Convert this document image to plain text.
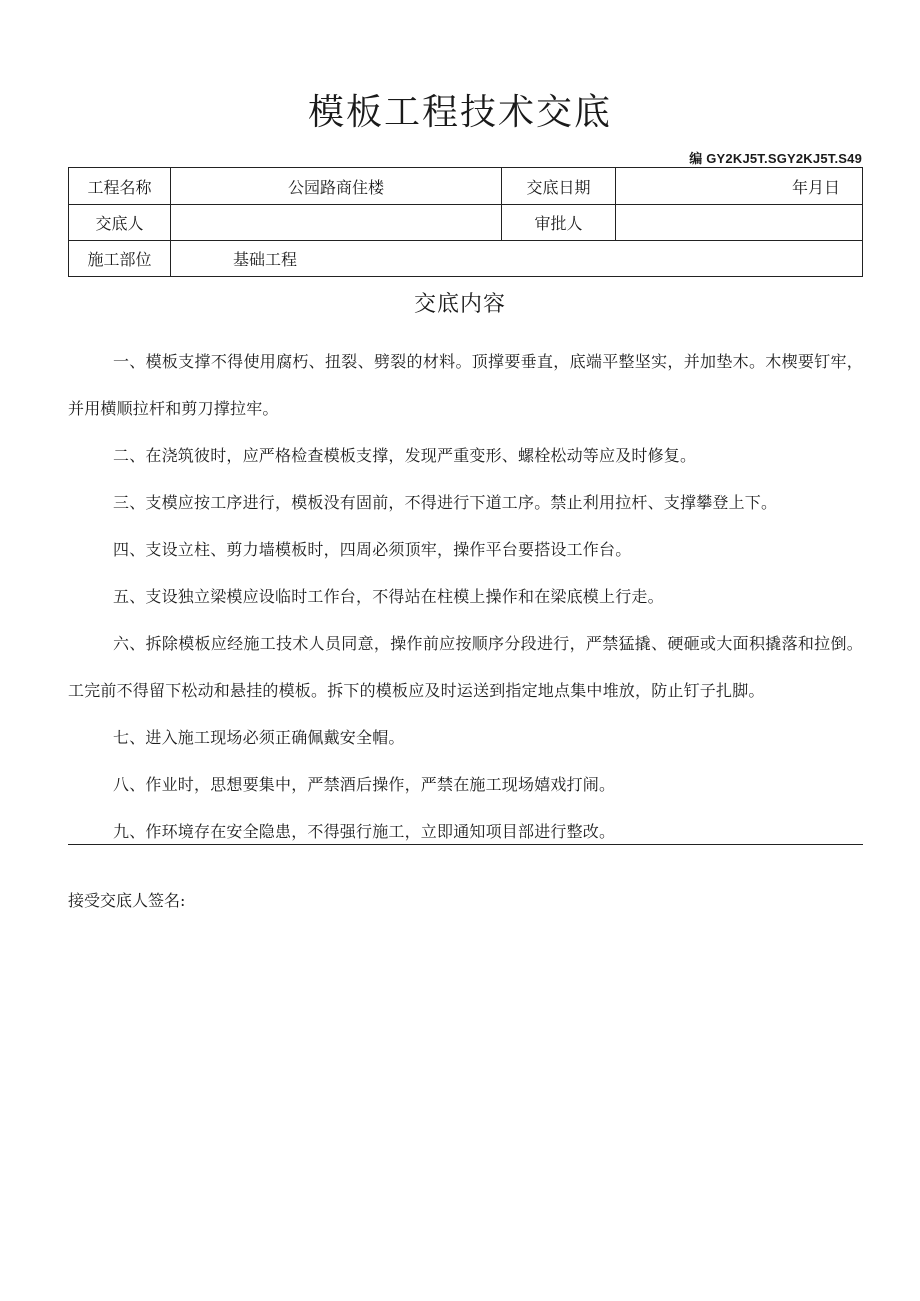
模板工程技术交底
编 GY2KJ5T.SGY2KJ5T.S49
工程名称	公园路商住楼	交底日期	年月日
交底人		审批人	
施工部位	基础工程		
交底内容

一、模板支撑不得使用腐朽、扭裂、劈裂的材料。顶撑要垂直，底端平整坚实，并加垫木。木楔要钉牢，并用横顺拉杆和剪刀撑拉牢。

二、在浇筑彼时，应严格检查模板支撑，发现严重变形、螺栓松动等应及时修复。

三、支模应按工序进行，模板没有固前，不得进行下道工序。禁止利用拉杆、支撑攀登上下。

四、支设立柱、剪力墙模板时，四周必须顶牢，操作平台要搭设工作台。

五、支设独立梁模应设临时工作台，不得站在柱模上操作和在梁底模上行走。

六、拆除模板应经施工技术人员同意，操作前应按顺序分段进行，严禁猛撬、硬砸或大面积撬落和拉倒。工完前不得留下松动和悬挂的模板。拆下的模板应及时运送到指定地点集中堆放，防止钉子扎脚。

七、进入施工现场必须正确佩戴安全帽。

八、作业时，思想要集中，严禁酒后操作，严禁在施工现场嬉戏打闹。

九、作环境存在安全隐患，不得强行施工，立即通知项目部进行整改。

接受交底人签名:
